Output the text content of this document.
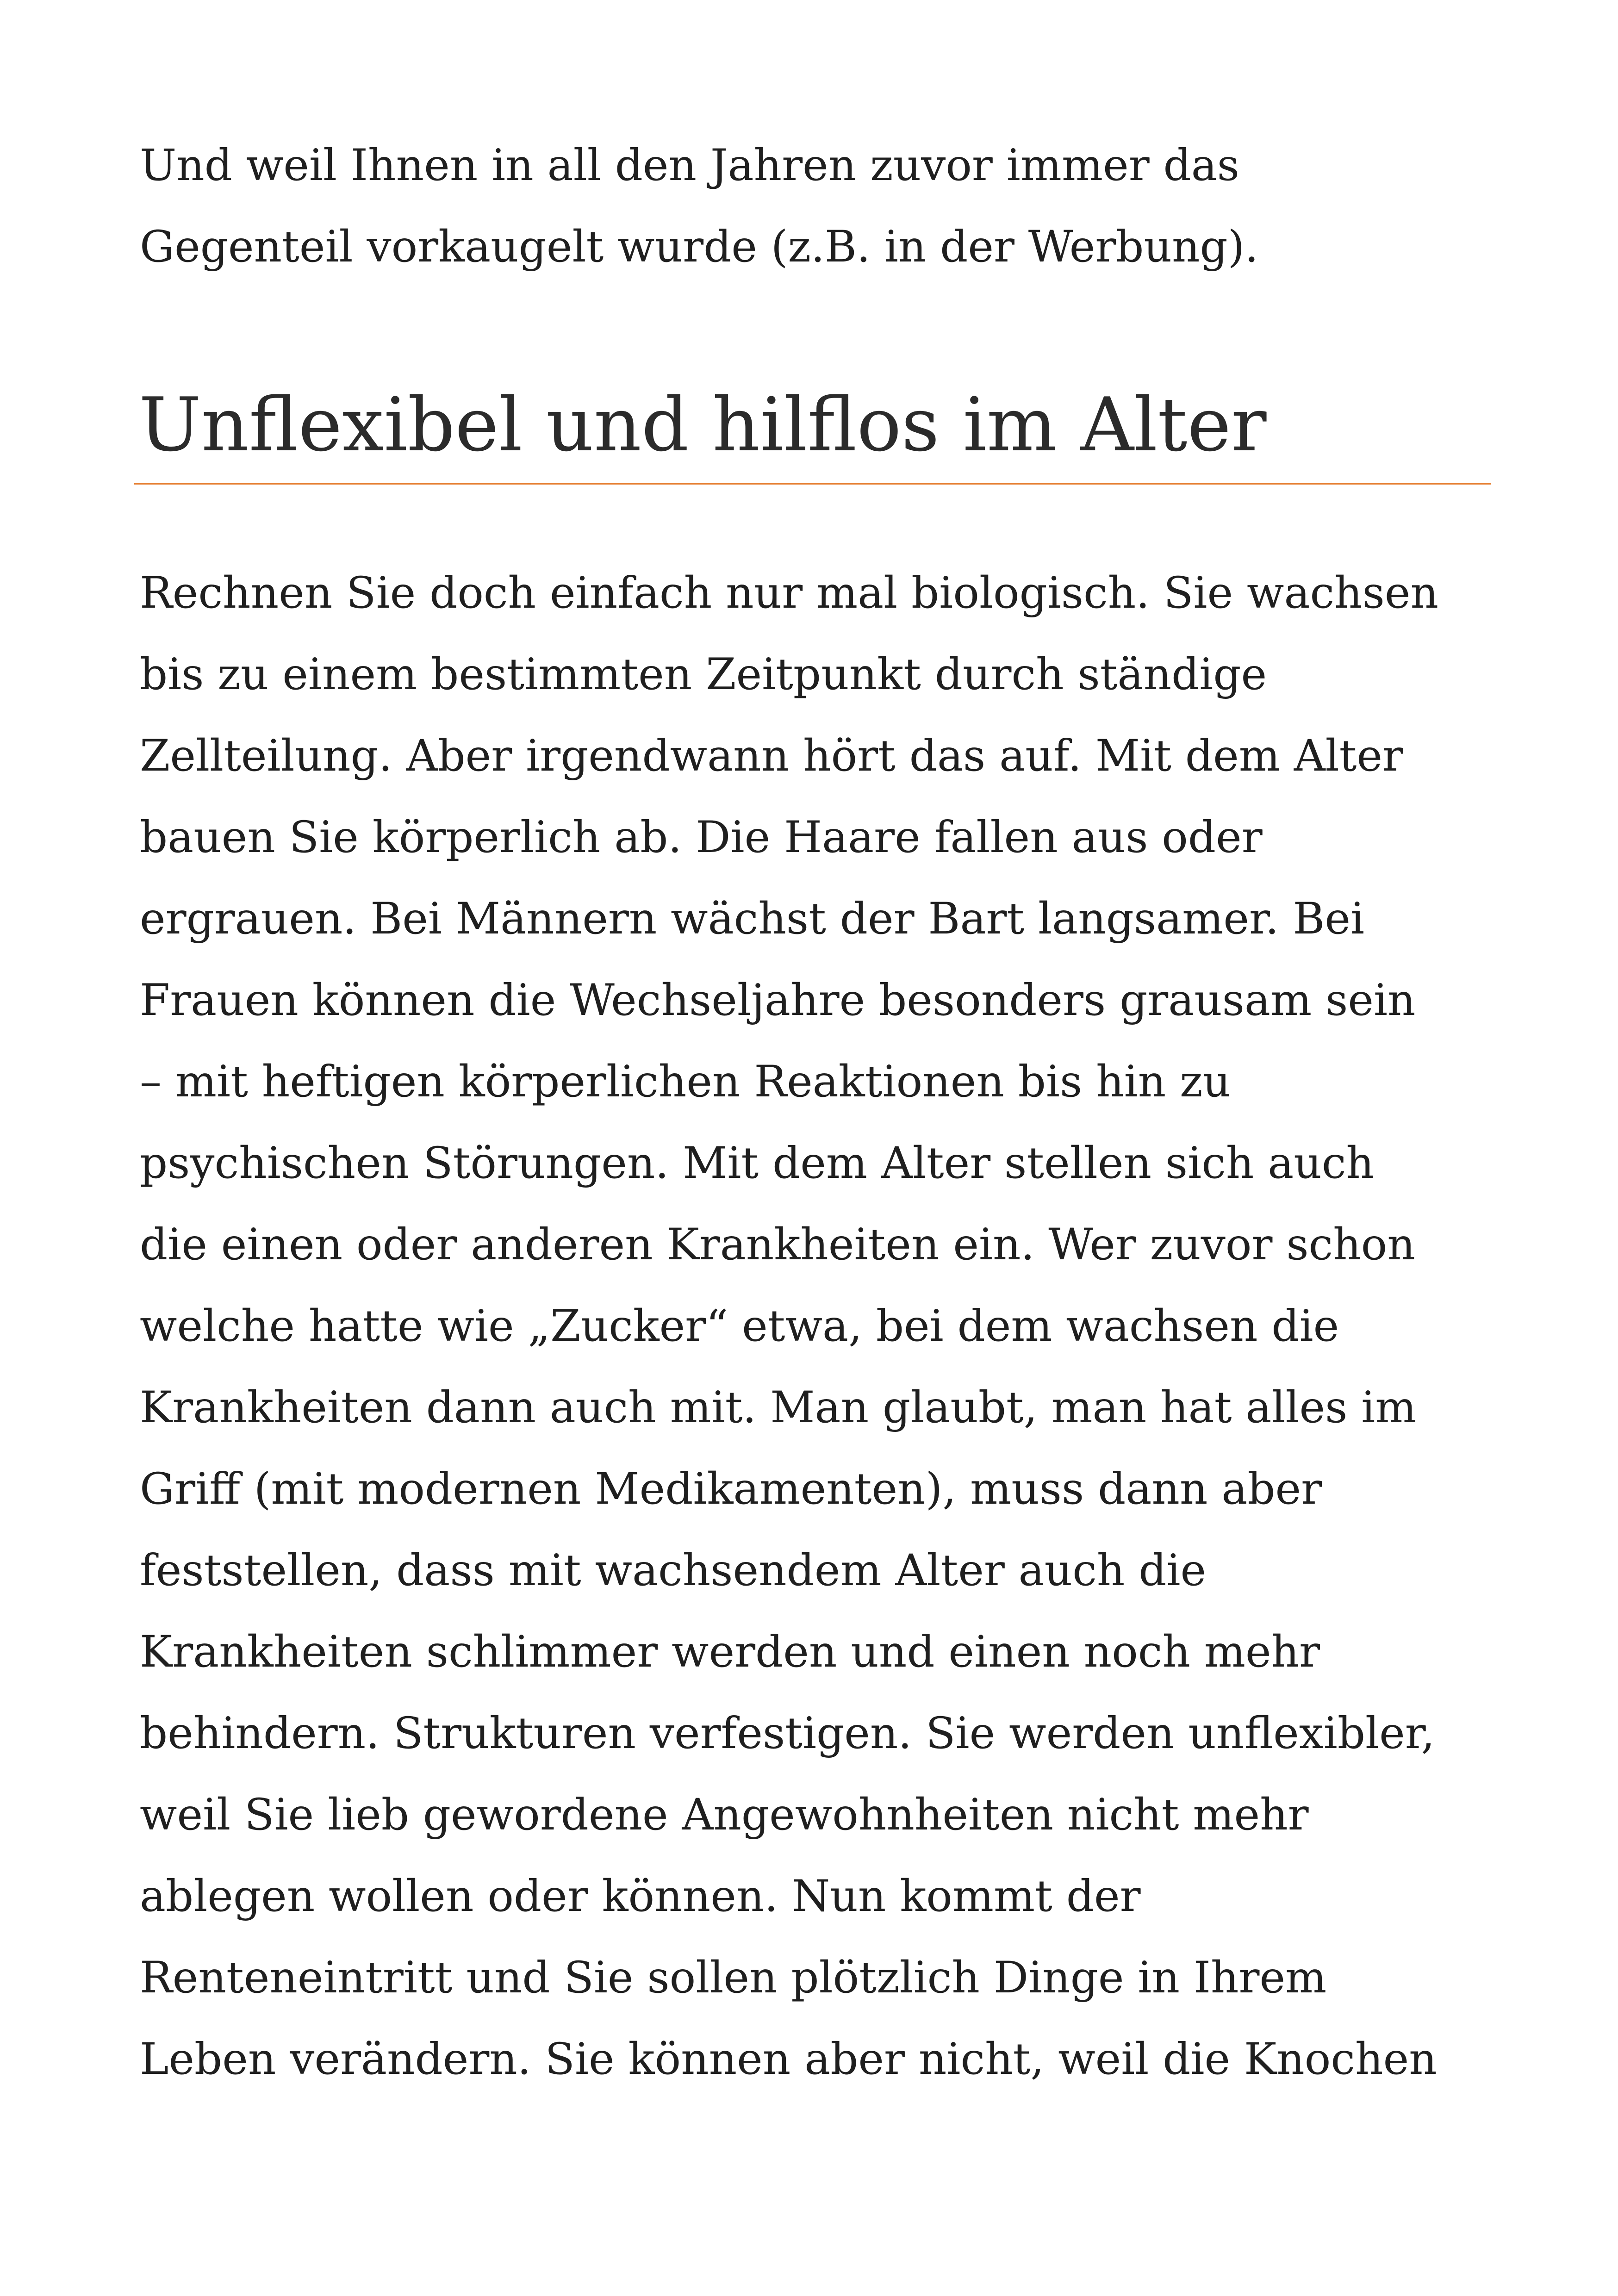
Und weil Ihnen in all den Jahren zuvor immer das
Gegenteil vorkaugelt wurde (z.B. in der Werbung).
Unflexibel und hilflos im Alter
Rechnen Sie doch einfach nur mal biologisch. Sie wachsen
bis zu einem bestimmten Zeitpunkt durch ständige
Zellteilung. Aber irgendwann hört das auf. Mit dem Alter
bauen Sie körperlich ab. Die Haare fallen aus oder
ergrauen. Bei Männern wächst der Bart langsamer. Bei
Frauen können die Wechseljahre besonders grausam sein
– mit heftigen körperlichen Reaktionen bis hin zu
psychischen Störungen. Mit dem Alter stellen sich auch
die einen oder anderen Krankheiten ein. Wer zuvor schon
welche hatte wie „Zucker“ etwa, bei dem wachsen die
Krankheiten dann auch mit. Man glaubt, man hat alles im
Griff (mit modernen Medikamenten), muss dann aber
feststellen, dass mit wachsendem Alter auch die
Krankheiten schlimmer werden und einen noch mehr
behindern. Strukturen verfestigen. Sie werden unflexibler,
weil Sie lieb gewordene Angewohnheiten nicht mehr
ablegen wollen oder können. Nun kommt der
Renteneintritt und Sie sollen plötzlich Dinge in Ihrem
Leben verändern. Sie können aber nicht, weil die Knochen
